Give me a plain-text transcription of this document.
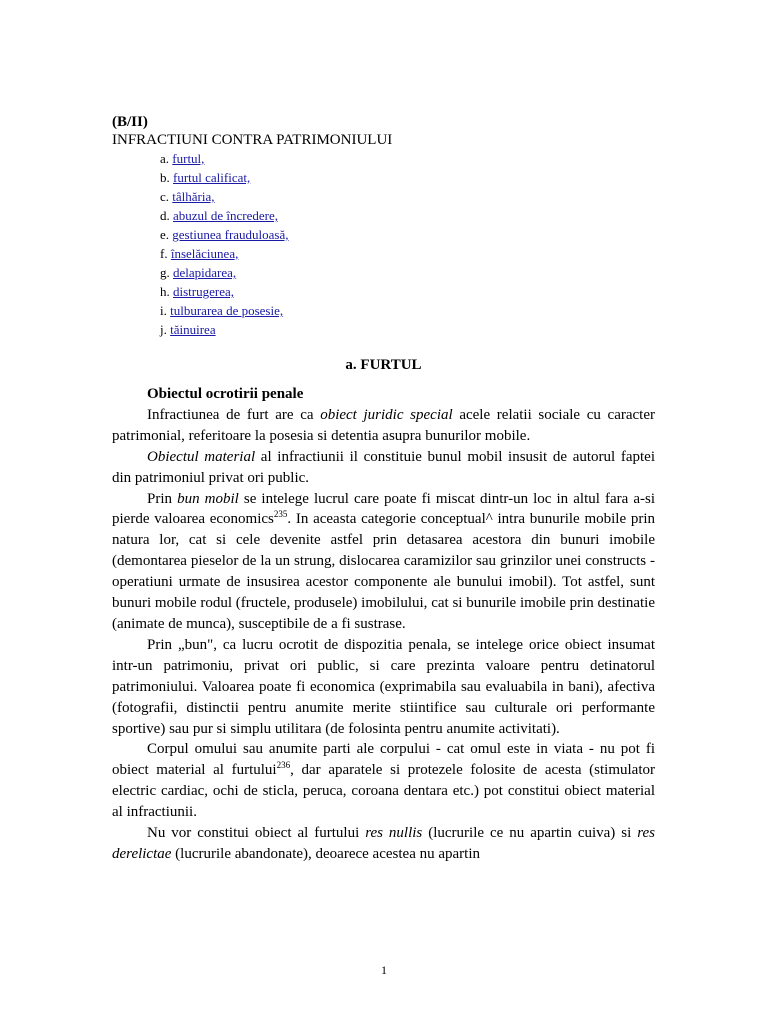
(B/II)
INFRACTIUNI CONTRA PATRIMONIULUI
a. furtul,
b. furtul calificat,
c. tâlhăria,
d. abuzul de încredere,
e. gestiunea frauduloasă,
f. înselăciunea,
g. delapidarea,
h. distrugerea,
i. tulburarea de posesie,
j. tăinuirea
a. FURTUL

Obiectul ocrotirii penale

Infractiunea de furt are ca obiect juridic special acele relatii sociale cu caracter patrimonial, referitoare la posesia si detentia asupra bunurilor mobile.

Obiectul material al infractiunii il constituie bunul mobil insusit de autorul faptei din patrimoniul privat ori public.

Prin bun mobil se intelege lucrul care poate fi miscat dintr-un loc in altul fara a-si pierde valoarea economics$^{235}$. In aceasta categorie conceptual^ intra bunurile mobile prin natura lor, cat si cele devenite astfel prin detasarea acestora din bunuri imobile (demontarea pieselor de la un strung, dislocarea caramizilor sau grinzilor unei constructs - operatiuni urmate de insusirea acestor componente ale bunului imobil). Tot astfel, sunt bunuri mobile rodul (fructele, produsele) imobilului, cat si bunurile imobile prin destinatie (animate de munca), susceptibile de a fi sustrase.

Prin „bun", ca lucru ocrotit de dispozitia penala, se intelege orice obiect insumat intr-un patrimoniu, privat ori public, si care prezinta valoare pentru detinatorul patrimoniului. Valoarea poate fi economica (exprimabila sau evaluabila in bani), afectiva (fotografii, distinctii pentru anumite merite stiintifice sau culturale ori performante sportive) sau pur si simplu utilitara (de folosinta pentru anumite activitati).

Corpul omului sau anumite parti ale corpului - cat omul este in viata - nu pot fi obiect material al furtului$^{236}$, dar aparatele si protezele folosite de acesta (stimulator electric cardiac, ochi de sticla, peruca, coroana dentara etc.) pot constitui obiect material al infractiunii.

Nu vor constitui obiect al furtului res nullis (lucrurile ce nu apartin cuiva) si res derelictae (lucrurile abandonate), deoarece acestea nu apartin

1
